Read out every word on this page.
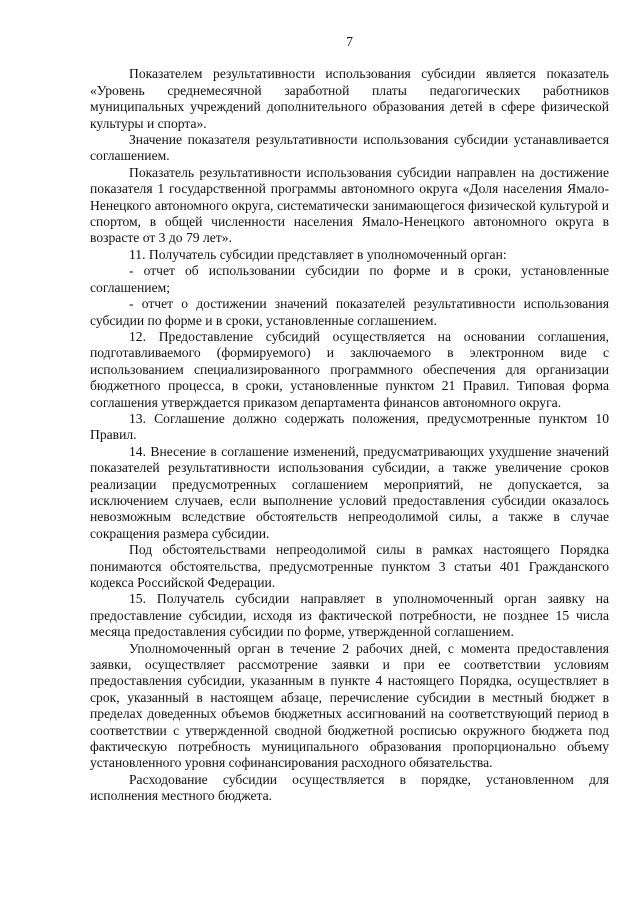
7

Показателем результативности использования субсидии является показатель «Уровень среднемесячной заработной платы педагогических работников муниципальных учреждений дополнительного образования детей в сфере физической культуры и спорта».

Значение показателя результативности использования субсидии устанавливается соглашением.

Показатель результативности использования субсидии направлен на достижение показателя 1 государственной программы автономного округа «Доля населения Ямало-Ненецкого автономного округа, систематически занимающегося физической культурой и спортом, в общей численности населения Ямало-Ненецкого автономного округа в возрасте от 3 до 79 лет».

11. Получатель субсидии представляет в уполномоченный орган:

- отчет об использовании субсидии по форме и в сроки, установленные соглашением;

- отчет о достижении значений показателей результативности использования субсидии по форме и в сроки, установленные соглашением.

12. Предоставление субсидий осуществляется на основании соглашения, подготавливаемого (формируемого) и заключаемого в электронном виде с использованием специализированного программного обеспечения для организации бюджетного процесса, в сроки, установленные пунктом 21 Правил. Типовая форма соглашения утверждается приказом департамента финансов автономного округа.

13. Соглашение должно содержать положения, предусмотренные пунктом 10 Правил.

14. Внесение в соглашение изменений, предусматривающих ухудшение значений показателей результативности использования субсидии, а также увеличение сроков реализации предусмотренных соглашением мероприятий, не допускается, за исключением случаев, если выполнение условий предоставления субсидии оказалось невозможным вследствие обстоятельств непреодолимой силы, а также в случае сокращения размера субсидии.

Под обстоятельствами непреодолимой силы в рамках настоящего Порядка понимаются обстоятельства, предусмотренные пунктом 3 статьи 401 Гражданского кодекса Российской Федерации.

15. Получатель субсидии направляет в уполномоченный орган заявку на предоставление субсидии, исходя из фактической потребности, не позднее 15 числа месяца предоставления субсидии по форме, утвержденной соглашением.

Уполномоченный орган в течение 2 рабочих дней, с момента предоставления заявки, осуществляет рассмотрение заявки и при ее соответствии условиям предоставления субсидии, указанным в пункте 4 настоящего Порядка, осуществляет в срок, указанный в настоящем абзаце, перечисление субсидии в местный бюджет в пределах доведенных объемов бюджетных ассигнований на соответствующий период в соответствии с утвержденной сводной бюджетной росписью окружного бюджета под фактическую потребность муниципального образования пропорционально объему установленного уровня софинансирования расходного обязательства.

Расходование субсидии осуществляется в порядке, установленном для исполнения местного бюджета.
